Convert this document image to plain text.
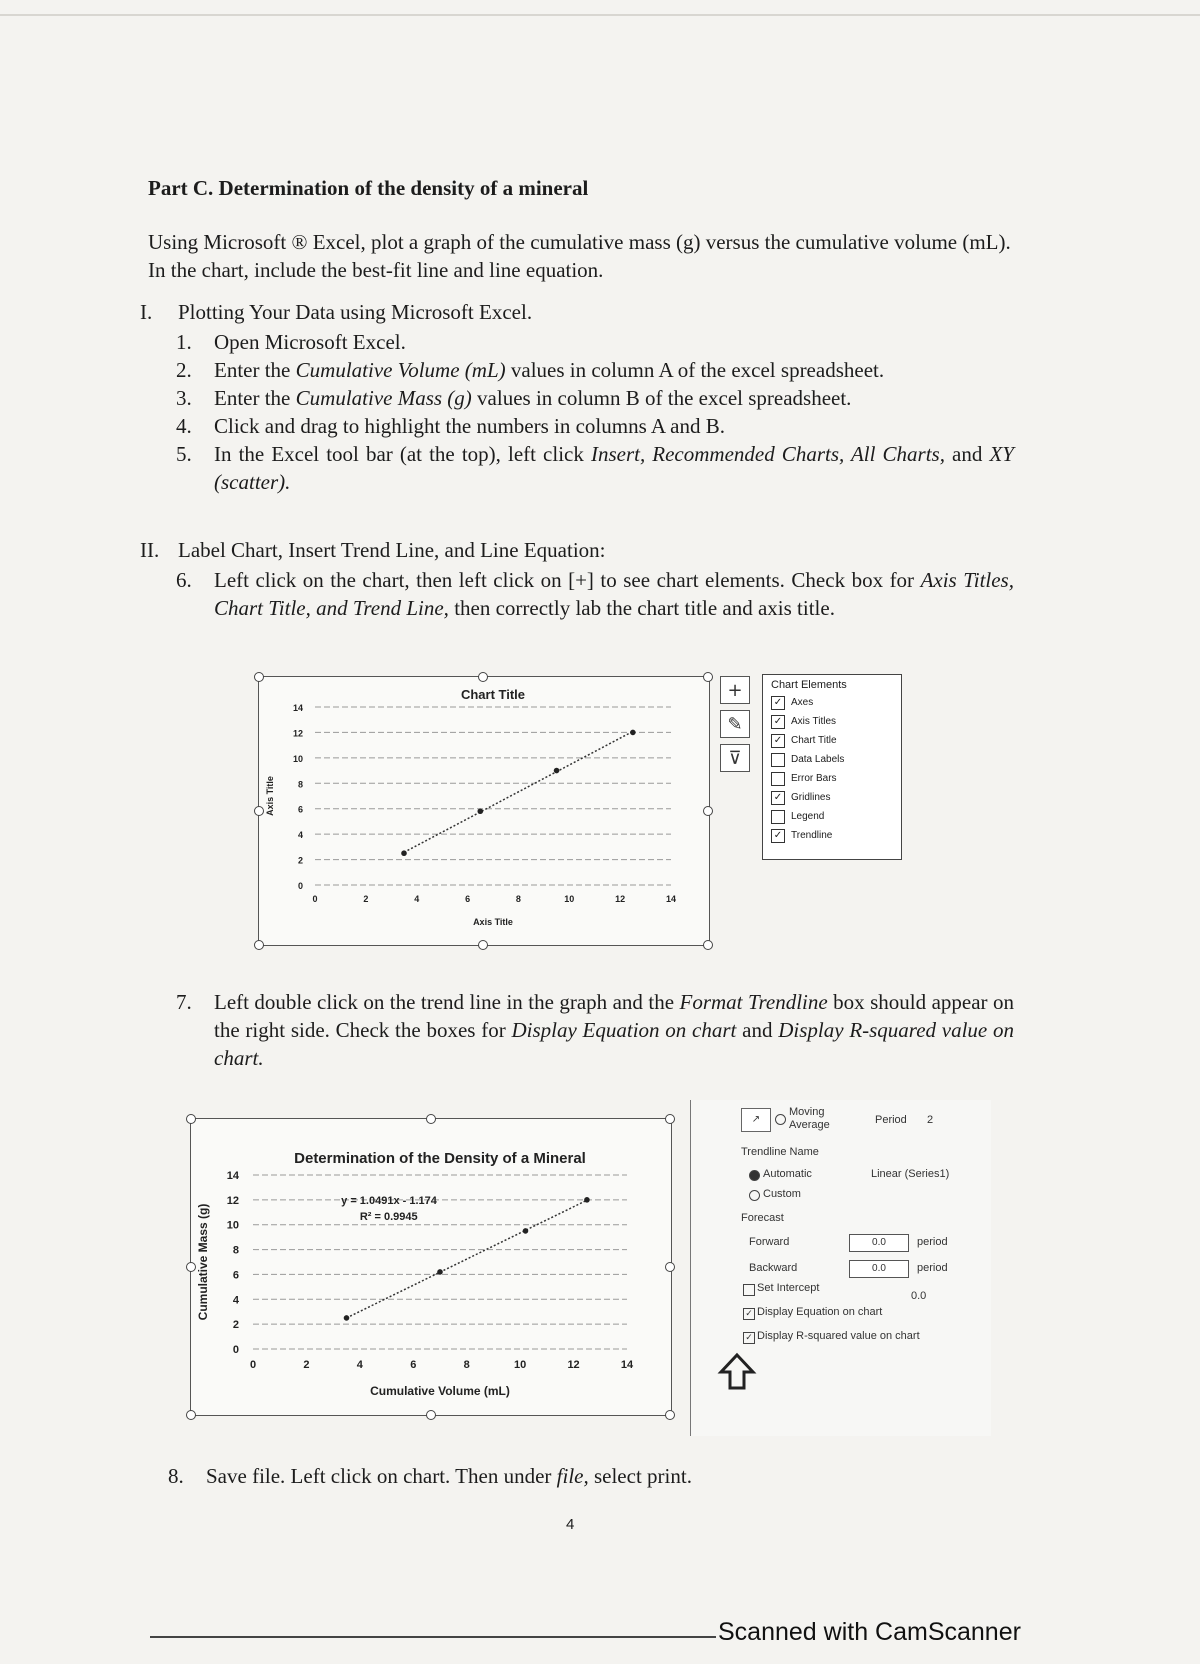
Part C. Determination of the density of a mineral
Using Microsoft ® Excel, plot a graph of the cumulative mass (g) versus the cumulative volume (mL). In the chart, include the best-fit line and line equation.
I. Plotting Your Data using Microsoft Excel.
1. Open Microsoft Excel.
2. Enter the Cumulative Volume (mL) values in column A of the excel spreadsheet.
3. Enter the Cumulative Mass (g) values in column B of the excel spreadsheet.
4. Click and drag to highlight the numbers in columns A and B.
5. In the Excel tool bar (at the top), left click Insert, Recommended Charts, All Charts, and XY (scatter).
II. Label Chart, Insert Trend Line, and Line Equation:
6. Left click on the chart, then left click on [+] to see chart elements. Check box for Axis Titles, Chart Title, and Trend Line, then correctly lab the chart title and axis title.
Chart Title
0
2
4
6
8
10
12
14
0	2	4	6	8	10	12	14
Axis Title
Axis Title
+
✎
⊽
Chart Elements
✓ Axes
✓ Axis Titles
✓ Chart Title
Data Labels
Error Bars
✓ Gridlines
Legend
✓ Trendline
7. Left double click on the trend line in the graph and the Format Trendline box should appear on the right side. Check the boxes for Display Equation on chart and Display R-squared value on chart.
Determination of the Density of a Mineral
0
2
4
6
8
10
12
14
0	2	4	6	8	10	12	14
Cumulative Volume (mL)
Cumulative Mass (g)
y = 1.0491x - 1.174
R² = 0.9945
↗
Moving Average	Period 2
Trendline Name
Automatic	Linear (Series1)
Custom
Forecast
Forward	0.0	period
Backward	0.0	period
Set Intercept
0.0
✓ Display Equation on chart
✓ Display R-squared value on chart
8. Save file. Left click on chart. Then under file, select print.
4
Scanned with CamScanner
